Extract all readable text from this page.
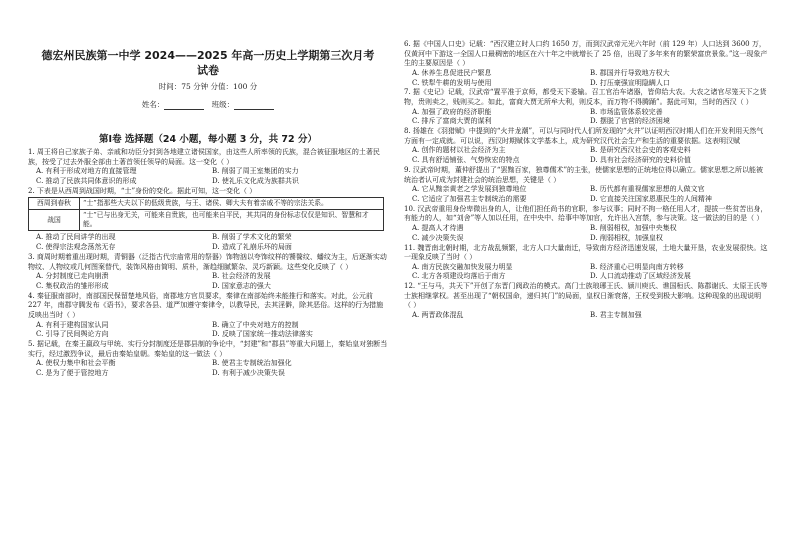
德宏州民族第一中学 2024——2025 年高一历史上学期第三次月考
试卷
时间：75 分钟 分值：100 分
姓名：	班级：
第Ⅰ卷 选择题（24 小题，每小题 3 分，共 72 分）

1. 周王将自己家族子弟、亲戚和功臣分封到各地建立诸侯国家，由这些人所率领的氏族，混合被征服地区的土著民族，按受了过去外服全部由土著首领任领导的局面。这一变化（ ）

A. 有利于形成对地方的直接管理	B. 削弱了周王室集团的实力
C. 推动了民族共同体意识的形成	D. 使礼乐文化成为族群共识

2. 下表是从西周到战国时期，“士”身份的变化。据此可知，这一变化（ ）

西周到春秋	“士”指那些大夫以下的低级贵族，与王、诸侯、卿大夫有着亲戚不等的宗法关系。
战国	“士”已与出身无关，可能来自贵族，也可能来自平民，其共同的身份标志仅仅是知识、智慧和才能。
A. 推动了民间讲学的出现	B. 削弱了学术文化的繁荣
C. 使得宗法观念荡然无存	D. 造成了礼崩乐坏的局面

3. 商周时期着重出现时期，青铜器（泛指古代宗庙常用的祭器）饰物汹以夸饰纹样的饕餮纹、蟠纹为主，后逐渐实动物纹、人物纹或几何图案替代，装饰风格由简明、质朴，渐趋细腻繁杂、灵巧新颖。这些变化反映了（ ）

A. 分封制度已走向崩溃	B. 社会经济的发展
C. 集权政治的雏形形成	D. 国家意志的强大

4. 秦征服南部时，南部国民保留楚地风俗，南郡地方官员要求，秦律在南部始终未能推行和落实。对此，公元前 227 年，南郡守腾发布《语书》，要求各县、道严加遵守秦律令，以教导民，去其淫僻，除其恶俗。这样的行为措施反映出当时（ ）

A. 有利于建构国家认同	B. 确立了中央对地方的控制
C. 引导了民间舆论方向	D. 反映了国家统一推动法律落实

5. 据记载，在秦王嬴政与甲统、实行分封制度还是郡县制的争论中，“封建”和“郡县”等重大问题上，秦始皇对独断当实行，经过激烈争议，最后由秦始皇朝。秦始皇的这一做法（ ）

A. 使权力集中和社会平衡	B. 使君主专制统治加强化
C. 是为了便于管控地方	D. 有利于减少决策失误

6. 据《中国人口史》记载：“西汉建立时人口约 1650 万，而到汉武帝元光六年时（前 129 年）人口达到 3600 万，仅黄河中下游这一全国人口最稠密的地区在六十年之中就增长了 25 倍，出现了多年来有的繁荣富庶景象。”这一现象产生的主要原因是（ ）

A. 休养生息促进民户繁息	B. 郡国并行导致地方权大
C. 铁犁牛耕的发明与使用	D. 打压豪强宣明隐瞒人口

7. 据《史记》记载，汉武帝“置平准于京师，都受天下委输。召工官治车诸器，皆仰给大农。大农之诸官尽笼天下之货物，贵则卖之，贱则买之。如此，富商大贾无所牟大利，则反本，而万物不得腾踊”。据此可知，当时的西汉（ ）

A. 加强了政府的经济职能	B. 市场监管体系较完善
C. 排斥了富商大贾的谋利	D. 摆脱了官营的经济困境

8. 扬雄在《羽猎赋》中提到的“火井龙潮”，可以与同时代人们所发现的“火井”以证明西汉时期人们在开发利用天然气方面有一定成就。可以说，西汉时期赋体文学基本上，成为研究汉代社会生产和生活的重要依据。这表明汉赋

A. 创作的题材以社会经济为主	B. 是研究西汉社会史的客观史料
C. 具有舒适铺张、气势恢宏的特点	D. 具有社会经济研究的史料价值

9. 汉武帝时期，董仲舒提出了“罢黜百家，独尊儒术”的主张，使儒家思想的正统地位得以确立。儒家思想之所以能被统治者认可成为封建社会的统治思想，关键是（ ）

A. 它从黜亲黄老之学发展到独尊地位	B. 历代都有重视儒家思想的人做文官
C. 它适应了加强君主专制统治的需要	D. 它直接关注国家恩惠民生的人间精神

10. 汉武帝重用身份卑微出身的人，让他们担任尚书的官职，参与议事；同时不拘一格任用人才，提拔一些贫苦出身，有能力的人，如“刘舍”等人加以任用，在中央中、给事中等加官，允许出入宫禁，参与决策。这一做法的目的是（ ）

A. 提高人才待遇	B. 削弱相权，加强中央集权
C. 减少决策失误	D. 削弱相权，加强皇权

11. 魏晋南北朝时期，北方战乱频繁，北方人口大量南迁，导致南方经济迅速发展，土地大量开垦，农业发展很快。这一现象反映了当时（ ）

A. 南方民族交融加快发展力明显	B. 经济重心已明显向南方转移
C. 北方各项建设均落后于南方	D. 人口流动推动了区域经济发展

12. “王与马，共天下”开创了东晋门阀政治的模式。高门士族琅琊王氏、颍川庾氏、谯国桓氏、陈郡谢氏、太原王氏等士族相继掌权。甚至出现了“朝权国命，递归其门”的局面，皇权日渐衰落，王权受到极大影响。这种现象的出现说明（ ）

A. 两晋政体混乱	B. 君主专制加强
